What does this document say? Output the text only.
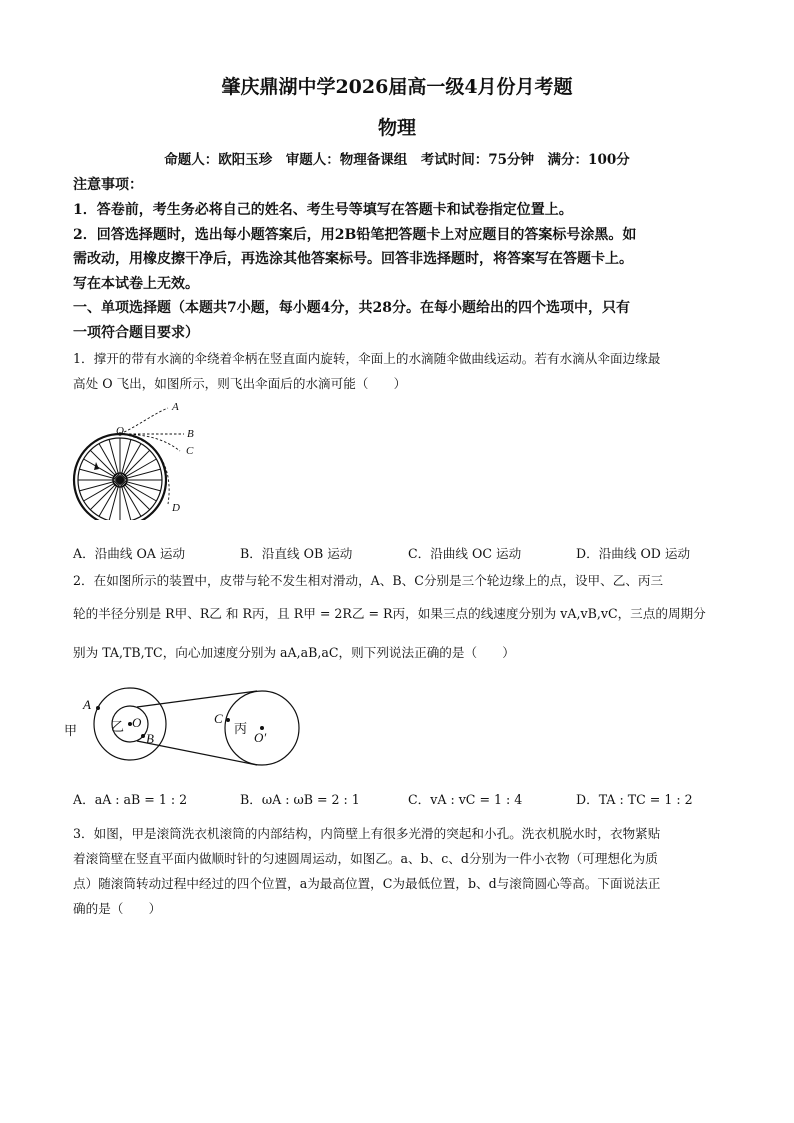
肇庆鼎湖中学2026届高一级4月份月考题
物理
命题人：欧阳玉珍　审题人：物理备课组　考试时间：75分钟　满分：100分
注意事项：
1．答卷前，考生务必将自己的姓名、考生号等填写在答题卡和试卷指定位置上。
2．回答选择题时，选出每小题答案后，用2B铅笔把答题卡上对应题目的答案标号涂黑。如
需改动，用橡皮擦干净后，再选涂其他答案标号。回答非选择题时，将答案写在答题卡上。
写在本试卷上无效。
一、单项选择题（本题共7小题，每小题4分，共28分。在每小题给出的四个选项中，只有
一项符合题目要求）
1．撑开的带有水滴的伞绕着伞柄在竖直面内旋转，伞面上的水滴随伞做曲线运动。若有水滴从伞面边缘最
高处 O 飞出，如图所示，则飞出伞面后的水滴可能（　　）
O
A
B
C
D
A．沿曲线 OA 运动	B．沿直线 OB 运动	C．沿曲线 OC 运动	D．沿曲线 OD 运动
2．在如图所示的装置中，皮带与轮不发生相对滑动，A、B、C分别是三个轮边缘上的点，设甲、乙、丙三
轮的半径分别是 R甲、R乙 和 R丙，且 R甲 = 2R乙 = R丙，如果三点的线速度分别为 vA,vB,vC，三点的周期分
别为 TA,TB,TC，向心加速度分别为 aA,aB,aC，则下列说法正确的是（　　）
A
甲	乙 O
B
C
丙
O′
A．aA : aB = 1 : 2	B．ωA : ωB = 2 : 1	C．vA : vC = 1 : 4	D．TA : TC = 1 : 2
3．如图，甲是滚筒洗衣机滚筒的内部结构，内筒壁上有很多光滑的突起和小孔。洗衣机脱水时，衣物紧贴
着滚筒壁在竖直平面内做顺时针的匀速圆周运动，如图乙。a、b、c、d分别为一件小衣物（可理想化为质
点）随滚筒转动过程中经过的四个位置，a为最高位置，C为最低位置，b、d与滚筒圆心等高。下面说法正
确的是（　　）
